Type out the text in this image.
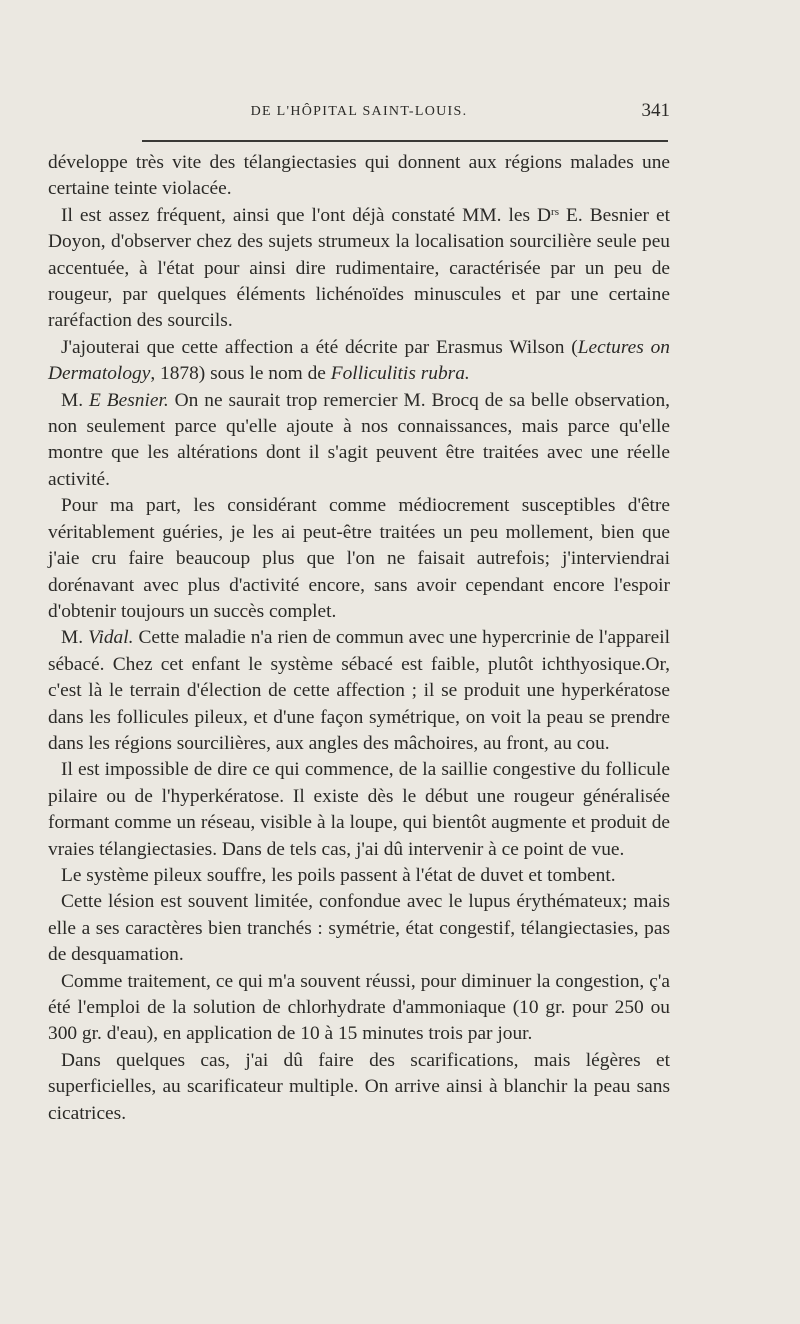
DE L'HÔPITAL SAINT-LOUIS.	341

développe très vite des télangiectasies qui donnent aux régions malades une certaine teinte violacée.

Il est assez fréquent, ainsi que l'ont déjà constaté MM. les $D^{rs}$ E. Besnier et Doyon, d'observer chez des sujets strumeux la localisation sourcilière seule peu accentuée, à l'état pour ainsi dire rudimentaire, caractérisée par un peu de rougeur, par quelques éléments lichénoïdes minuscules et par une certaine raréfaction des sourcils.

J'ajouterai que cette affection a été décrite par Erasmus Wilson (Lectures on Dermatology, 1878) sous le nom de Folliculitis rubra.

M. E Besnier. On ne saurait trop remercier M. Brocq de sa belle observation, non seulement parce qu'elle ajoute à nos connaissances, mais parce qu'elle montre que les altérations dont il s'agit peuvent être traitées avec une réelle activité.

Pour ma part, les considérant comme médiocrement susceptibles d'être véritablement guéries, je les ai peut-être traitées un peu mollement, bien que j'aie cru faire beaucoup plus que l'on ne faisait autrefois; j'interviendrai dorénavant avec plus d'activité encore, sans avoir cependant encore l'espoir d'obtenir toujours un succès complet.

M. Vidal. Cette maladie n'a rien de commun avec une hypercrinie de l'appareil sébacé. Chez cet enfant le système sébacé est faible, plutôt ichthyosique.Or, c'est là le terrain d'élection de cette affection ; il se produit une hyperkératose dans les follicules pileux, et d'une façon symétrique, on voit la peau se prendre dans les régions sourcilières, aux angles des mâchoires, au front, au cou.

Il est impossible de dire ce qui commence, de la saillie congestive du follicule pilaire ou de l'hyperkératose. Il existe dès le début une rougeur généralisée formant comme un réseau, visible à la loupe, qui bientôt augmente et produit de vraies télangiectasies. Dans de tels cas, j'ai dû intervenir à ce point de vue.

Le système pileux souffre, les poils passent à l'état de duvet et tombent.

Cette lésion est souvent limitée, confondue avec le lupus érythémateux; mais elle a ses caractères bien tranchés : symétrie, état congestif, télangiectasies, pas de desquamation.

Comme traitement, ce qui m'a souvent réussi, pour diminuer la congestion, ç'a été l'emploi de la solution de chlorhydrate d'ammoniaque (10 gr. pour 250 ou 300 gr. d'eau), en application de 10 à 15 minutes trois par jour.

Dans quelques cas, j'ai dû faire des scarifications, mais légères et superficielles, au scarificateur multiple. On arrive ainsi à blanchir la peau sans cicatrices.
